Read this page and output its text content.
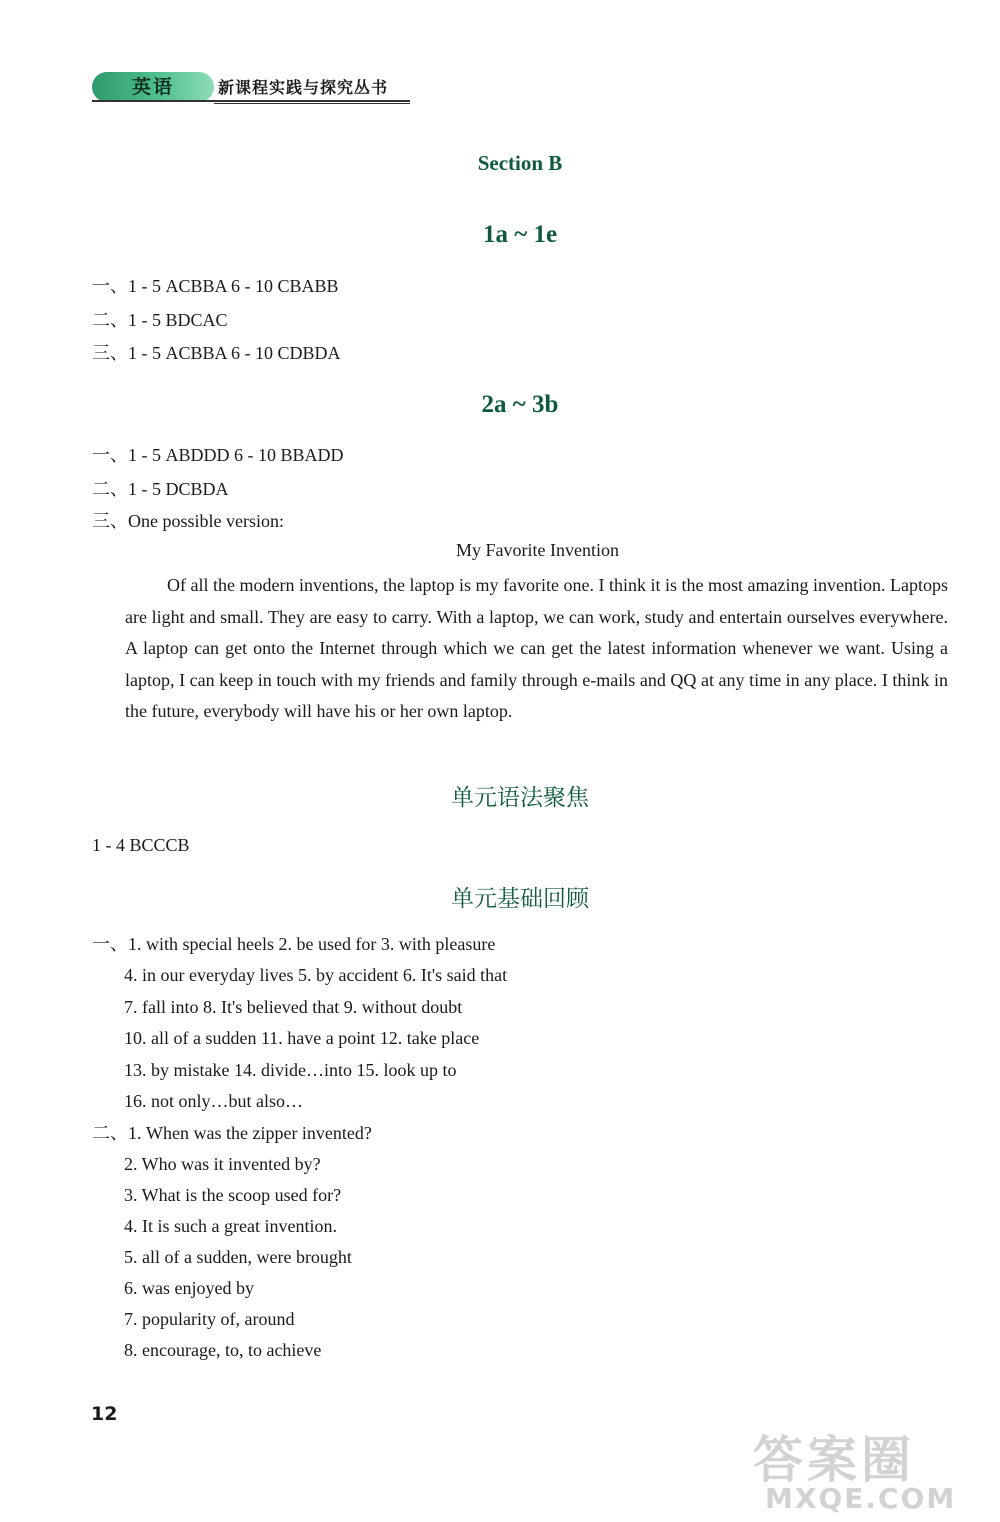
英语	新课程实践与探究丛书
Section B
1a ~ 1e
一、1 - 5 ACBBA 6 - 10 CBABB
二、1 - 5 BDCAC
三、1 - 5 ACBBA 6 - 10 CDBDA
2a ~ 3b
一、1 - 5 ABDDD 6 - 10 BBADD
二、1 - 5 DCBDA
三、One possible version:
My Favorite Invention
Of all the modern inventions, the laptop is my favorite one. I think it is the most amazing invention. Laptops are light and small. They are easy to carry. With a laptop, we can work, study and entertain ourselves everywhere. A laptop can get onto the Internet through which we can get the latest information whenever we want. Using a laptop, I can keep in touch with my friends and family through e-mails and QQ at any time in any place. I think in the future, everybody will have his or her own laptop.
单元语法聚焦
1 - 4 BCCCB
单元基础回顾
一、1. with special heels 2. be used for 3. with pleasure
4. in our everyday lives 5. by accident 6. It's said that
7. fall into 8. It's believed that 9. without doubt
10. all of a sudden 11. have a point 12. take place
13. by mistake 14. divide…into 15. look up to
16. not only…but also…
二、1. When was the zipper invented?
2. Who was it invented by?
3. What is the scoop used for?
4. It is such a great invention.
5. all of a sudden, were brought
6. was enjoyed by
7. popularity of, around
8. encourage, to, to achieve
12
答案圈
MXQE.COM
